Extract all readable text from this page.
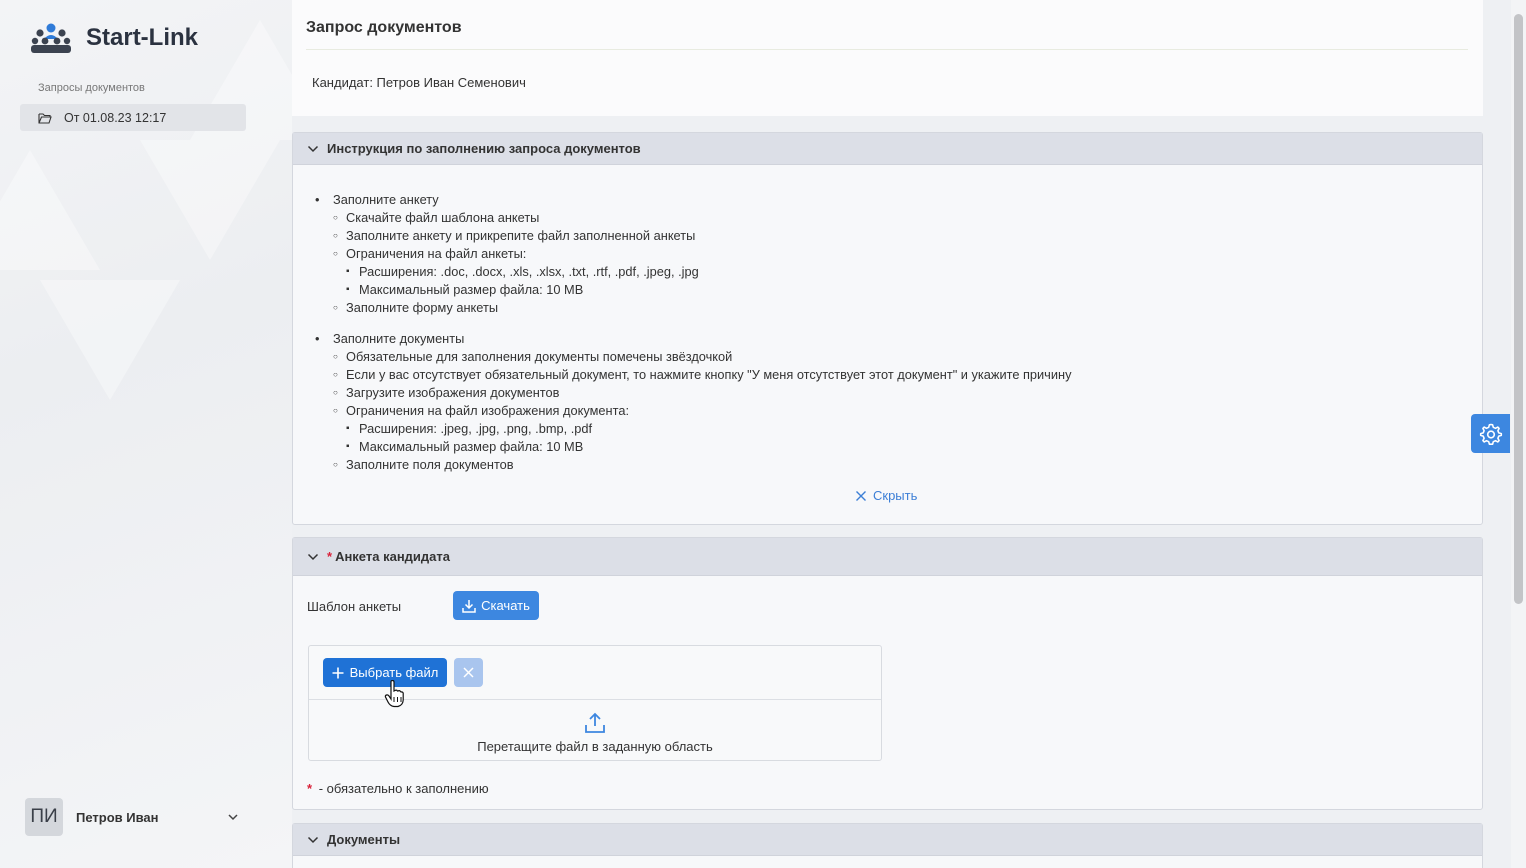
Start-Link
Запросы документов
От 01.08.23 12:17
ПИ	Петров Иван
Запрос документов
Кандидат: Петров Иван Семенович
Инструкция по заполнению запроса документов
• Заполните анкету
○ Скачайте файл шаблона анкеты
○ Заполните анкету и прикрепите файл заполненной анкеты
○ Ограничения на файл анкеты:
▪ Расширения: .doc, .docx, .xls, .xlsx, .txt, .rtf, .pdf, .jpeg, .jpg
▪ Максимальный размер файла: 10 MB
○ Заполните форму анкеты
• Заполните документы
○ Обязательные для заполнения документы помечены звёздочкой
○ Если у вас отсутствует обязательный документ, то нажмите кнопку "У меня отсутствует этот документ" и укажите причину
○ Загрузите изображения документов
○ Ограничения на файл изображения документа:
▪ Расширения: .jpeg, .jpg, .png, .bmp, .pdf
▪ Максимальный размер файла: 10 MB
○ Заполните поля документов
Скрыть
* Анкета кандидата
Шаблон анкеты	Скачать
Выбрать файл
Перетащите файл в заданную область
* - обязательно к заполнению
Документы
